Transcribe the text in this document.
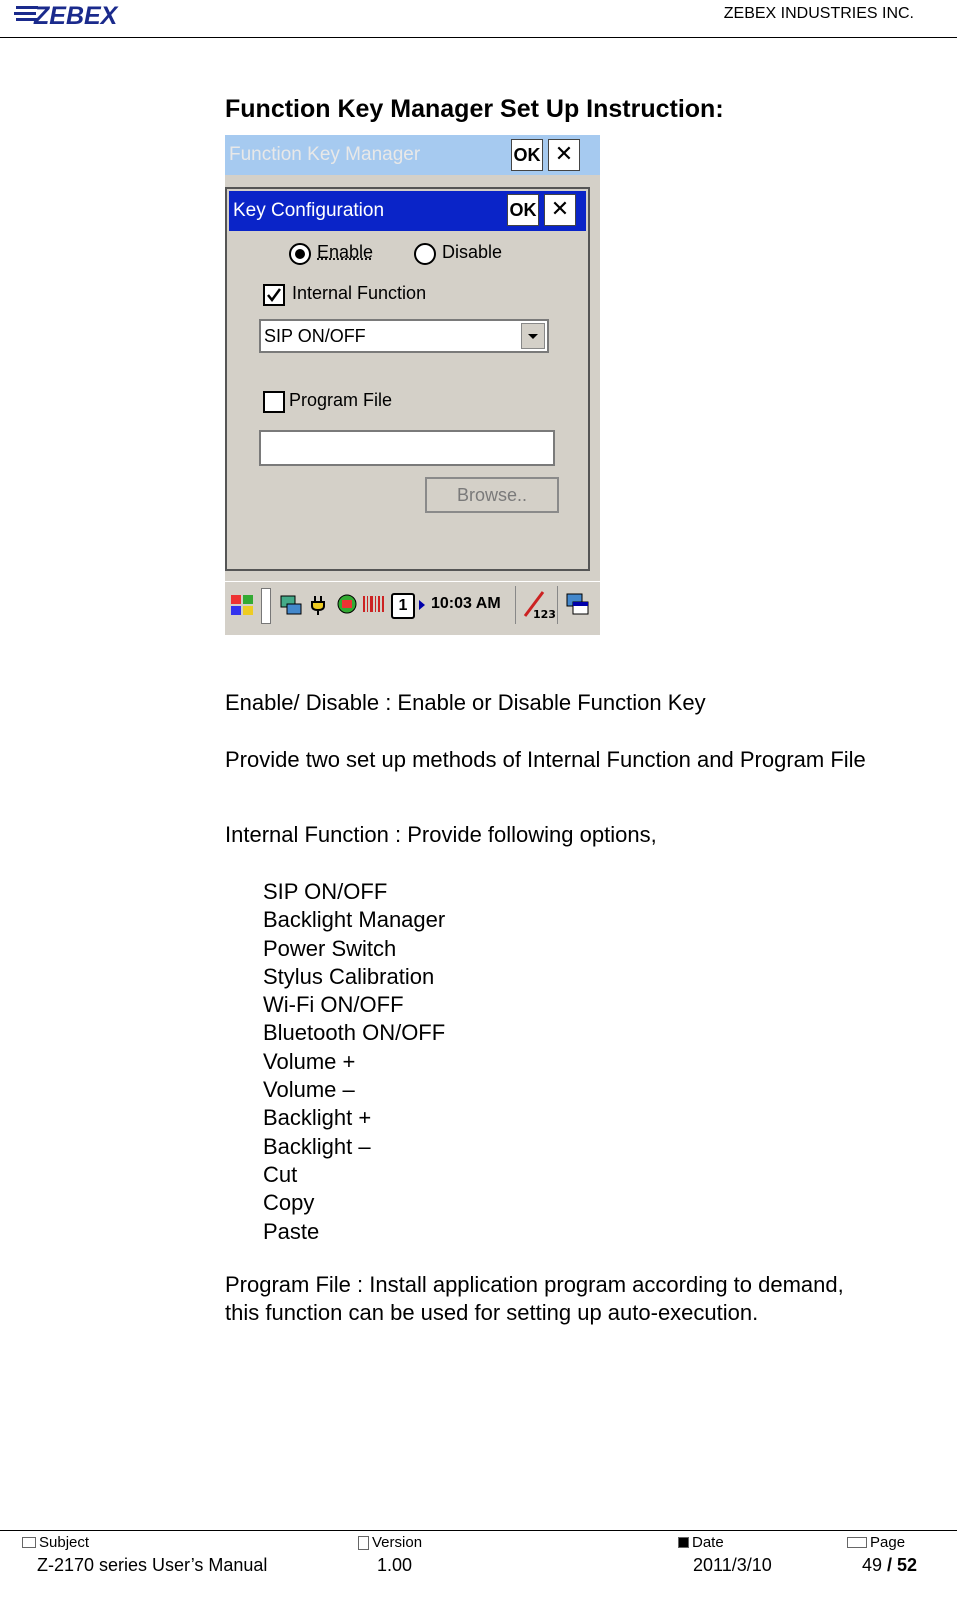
ZEBEX	ZEBEX INDUSTRIES INC.
Function Key Manager Set Up Instruction:
Function Key Manager	OK ✕
Key Configuration	OK ✕
Enable	Disable
Internal Function
SIP ON/OFF
Program File
Browse..
1	10:03 AM
123
Enable/ Disable : Enable or Disable Function Key
Provide two set up methods of Internal Function and Program File
Internal Function : Provide following options,
SIP ON/OFF
Backlight Manager
Power Switch
Stylus Calibration
Wi-Fi ON/OFF
Bluetooth ON/OFF
Volume +
Volume –
Backlight +
Backlight –
Cut
Copy
Paste
Program File : Install application program according to demand,
this function can be used for setting up auto-execution.
Subject	Version	Date	Page
Z-2170 series User’s Manual	1.00	2011/3/10	49 / 52
